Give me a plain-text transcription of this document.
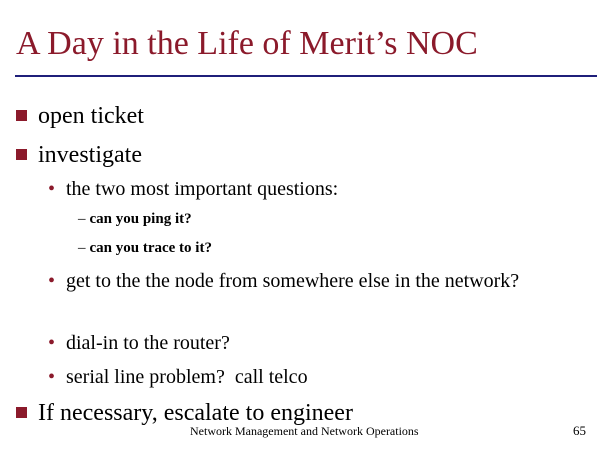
A Day in the Life of Merit’s NOC
open ticket
investigate
• the two most important questions:
– can you ping it?
– can you trace to it?
• get to the the node from somewhere else in the network?
• dial-in to the router?
• serial line problem?  call telco
If necessary, escalate to engineer
Network Management and Network Operations	65
